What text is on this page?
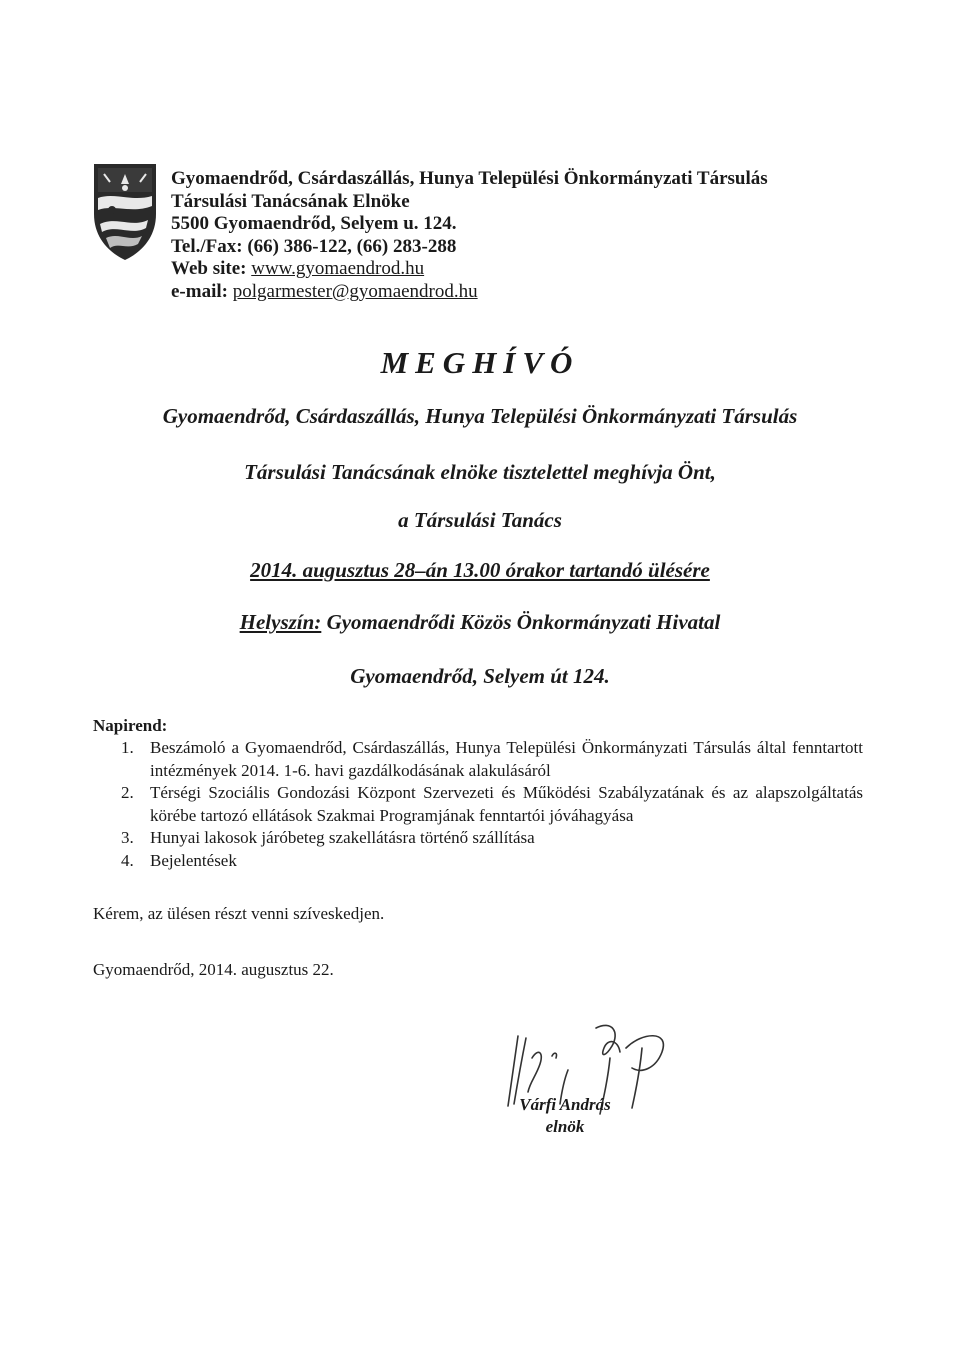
Gyomaendrőd, Csárdaszállás, Hunya Települési Önkormányzati Társulás
Társulási Tanácsának Elnöke
5500 Gyomaendrőd, Selyem u. 124.
Tel./Fax: (66) 386-122, (66) 283-288
Web site: www.gyomaendrod.hu
e-mail: polgarmester@gyomaendrod.hu
MEGHÍVÓ
Gyomaendrőd, Csárdaszállás, Hunya Települési Önkormányzati Társulás
Társulási Tanácsának elnöke tisztelettel meghívja Önt,
a Társulási Tanács
2014. augusztus 28–án 13.00 órakor tartandó ülésére
Helyszín: Gyomaendrődi Közös Önkormányzati Hivatal
Gyomaendrőd, Selyem út 124.
Napirend:
1. Beszámoló a Gyomaendrőd, Csárdaszállás, Hunya Települési Önkormányzati Társulás által fenntartott intézmények 2014. 1-6. havi gazdálkodásának alakulásáról
2. Térségi Szociális Gondozási Központ Szervezeti és Működési Szabályzatának és az alapszolgáltatás körébe tartozó ellátások Szakmai Programjának fenntartói jóváhagyása
3. Hunyai lakosok járóbeteg szakellátásra történő szállítása
4. Bejelentések
Kérem, az ülésen részt venni szíveskedjen.
Gyomaendrőd, 2014. augusztus 22.
Várfi András
elnök
